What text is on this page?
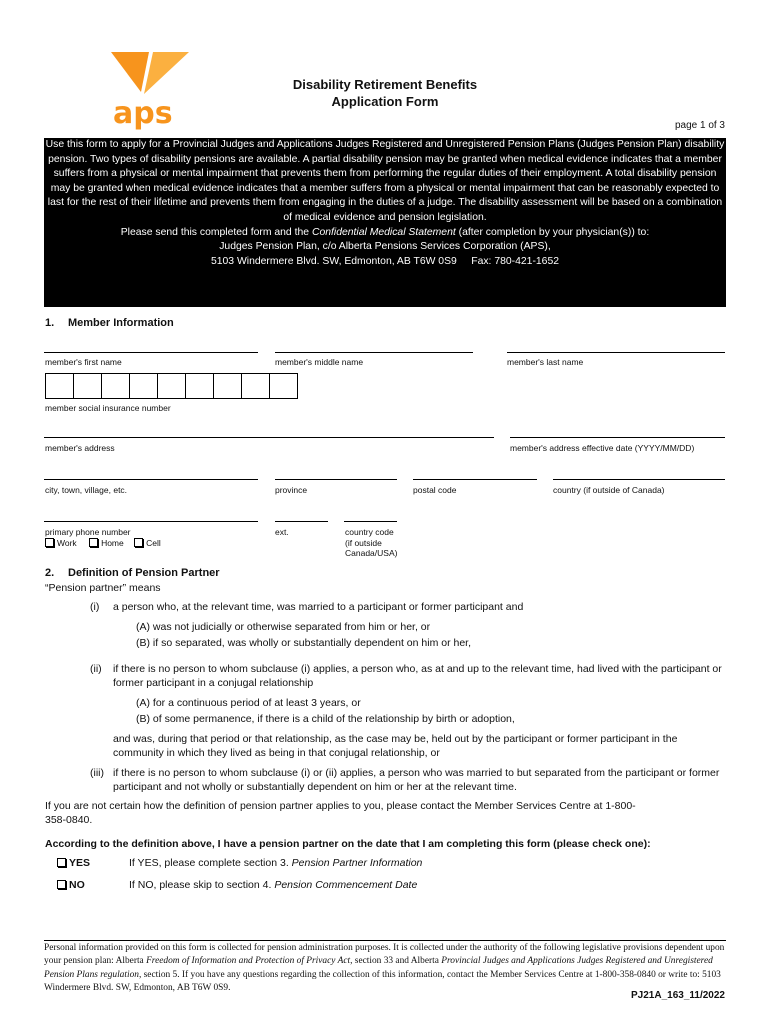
aps
Disability Retirement Benefits
Application Form
page 1 of 3

Use this form to apply for a Provincial Judges and Applications Judges Registered and Unregistered Pension Plans (Judges Pension Plan) disability pension. Two types of disability pensions are available. A partial disability pension may be granted when medical evidence indicates that a member suffers from a physical or mental impairment that prevents them from performing the regular duties of their employment. A total disability pension may be granted when medical evidence indicates that a member suffers from a physical or mental impairment that can be reasonably expected to last for the rest of their lifetime and prevents them from engaging in the duties of a judge. The disability assessment will be based on a combination of medical evidence and pension legislation.

Please send this completed form and the Confidential Medical Statement (after completion by your physician(s)) to:

Judges Pension Plan, c/o Alberta Pensions Services Corporation (APS),

5103 Windermere Blvd. SW, Edmonton, AB T6W 0S9     Fax: 780-421-1652

1. Member Information
member's first name	member's middle name	member's last name
member social insurance number
member's address	member's address effective date (YYYY/MM/DD)
city, town, village, etc.	province	postal code	country (if outside of Canada)
primary phone number
Work	Home	Cell
ext.	country code
(if outside
Canada/USA)
2. Definition of Pension Partner
“Pension partner” means
(i) a person who, at the relevant time, was married to a participant or former participant and
(A) was not judicially or otherwise separated from him or her, or
(B) if so separated, was wholly or substantially dependent on him or her,
(ii) if there is no person to whom subclause (i) applies, a person who, as at and up to the relevant time, had lived with the participant or former participant in a conjugal relationship
(A) for a continuous period of at least 3 years, or
(B) of some permanence, if there is a child of the relationship by birth or adoption,
and was, during that period or that relationship, as the case may be, held out by the participant or former participant in the community in which they lived as being in that conjugal relationship, or
(iii) if there is no person to whom subclause (i) or (ii) applies, a person who was married to but separated from the participant or former participant and not wholly or substantially dependent on him or her at the relevant time.
If you are not certain how the definition of pension partner applies to you, please contact the Member Services Centre at 1-800-358-0840.
According to the definition above, I have a pension partner on the date that I am completing this form (please check one):
YES	If YES, please complete section 3. Pension Partner Information
NO	If NO, please skip to section 4. Pension Commencement Date
Personal information provided on this form is collected for pension administration purposes. It is collected under the authority of the following legislative provisions dependent upon your pension plan: Alberta Freedom of Information and Protection of Privacy Act, section 33 and Alberta Provincial Judges and Applications Judges Registered and Unregistered Pension Plans regulation, section 5. If you have any questions regarding the collection of this information, contact the Member Services Centre at 1-800-358-0840 or write to: 5103 Windermere Blvd. SW, Edmonton, AB T6W 0S9.
PJ21A_163_11/2022
